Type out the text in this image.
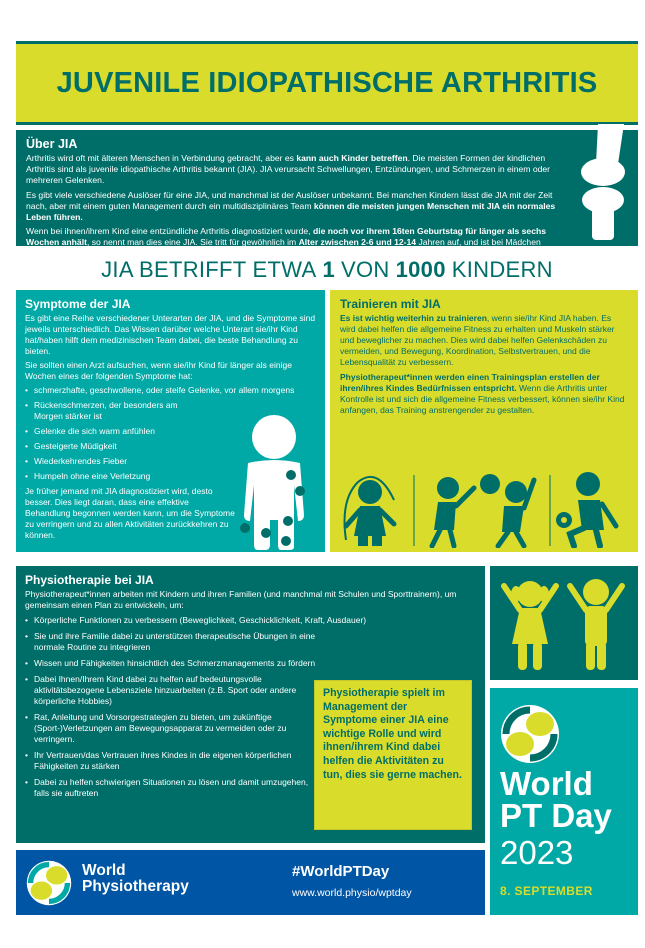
JUVENILE IDIOPATHISCHE ARTHRITIS
Über JIA

Arthritis wird oft mit älteren Menschen in Verbindung gebracht, aber es kann auch Kinder betreffen. Die meisten Formen der kindlichen Arthritis sind als juvenile idiopathische Arthritis bekannt (JIA). JIA verursacht Schwellungen, Entzündungen, und Schmerzen in einem oder mehreren Gelenken.

Es gibt viele verschiedene Auslöser für eine JIA, und manchmal ist der Auslöser unbekannt. Bei manchen Kindern lässt die JIA mit der Zeit nach, aber mit einem guten Management durch ein multidisziplinäres Team können die meisten jungen Menschen mit JIA ein normales Leben führen.

Wenn bei ihnen/ihrem Kind eine entzündliche Arthritis diagnostiziert wurde, die noch vor ihrem 16ten Geburtstag für länger als sechs Wochen anhält, so nennt man dies eine JIA. Sie tritt für gewöhnlich im Alter zwischen 2-6 und 12-14 Jahren auf, und ist bei Mädchen etwas häufiger.

JIA BETRIFFT ETWA 1 VON 1000 KINDERN
Symptome der JIA

Es gibt eine Reihe verschiedener Unterarten der JIA, und die Symptome sind jeweils unterschiedlich. Das Wissen darüber welche Unterart sie/ihr Kind hat/haben hilft dem medizinischen Team dabei, die beste Behandlung zu bieten.

Sie sollten einen Arzt aufsuchen, wenn sie/ihr Kind für länger als einige Wochen eines der folgenden Symptome hat:

• schmerzhafte, geschwollene, oder steife Gelenke, vor allem morgens
• Rückenschmerzen, der besonders am Morgen stärker ist
• Gelenke die sich warm anfühlen
• Gesteigerte Müdigkeit
• Wiederkehrendes Fieber
• Humpeln ohne eine Verletzung

Je früher jemand mit JIA diagnostiziert wird, desto besser. Dies liegt daran, dass eine effektive Behandlung begonnen werden kann, um die Symptome zu verringern und zu allen Aktivitäten zurückkehren zu können.

Trainieren mit JIA

Es ist wichtig weiterhin zu trainieren, wenn sie/ihr Kind JIA haben. Es wird dabei helfen die allgemeine Fitness zu erhalten und Muskeln stärker und beweglicher zu machen. Dies wird dabei helfen Gelenkschäden zu vermeiden, und Bewegung, Koordination, Selbstvertrauen, und die Lebensqualität zu verbessern.

Physiotherapeut*innen werden einen Trainingsplan erstellen der ihren/ihres Kindes Bedürfnissen entspricht. Wenn die Arthritis unter Kontrolle ist und sich die allgemeine Fitness verbessert, können sie/ihr Kind anfangen, das Training anstrengender zu gestalten.

Physiotherapie bei JIA

Physiotherapeut*innen arbeiten mit Kindern und ihren Familien (und manchmal mit Schulen und Sporttrainern), um gemeinsam einen Plan zu entwickeln, um:

• Körperliche Funktionen zu verbessern (Beweglichkeit, Geschicklichkeit, Kraft, Ausdauer)
• Sie und ihre Familie dabei zu unterstützen therapeutische Übungen in eine normale Routine zu integrieren
• Wissen und Fähigkeiten hinsichtlich des Schmerzmanagements zu fördern
• Dabei Ihnen/Ihrem Kind dabei zu helfen auf bedeutungsvolle aktivitätsbezogene Lebensziele hinzuarbeiten (z.B. Sport oder andere körperliche Hobbies)
• Rat, Anleitung und Vorsorgestrategien zu bieten, um zukünftige (Sport-)Verletzungen am Bewegungsapparat zu vermeiden oder zu verringern.
• Ihr Vertrauen/das Vertrauen ihres Kindes in die eigenen körperlichen Fähigkeiten zu stärken
• Dabei zu helfen schwierigen Situationen zu lösen und damit umzugehen, falls sie auftreten
Physiotherapie spielt im Management der Symptome einer JIA eine wichtige Rolle und wird ihnen/ihrem Kind dabei helfen die Aktivitäten zu tun, dies sie gerne machen.	World
PT Day
2023
8. SEPTEMBER
World
Physiotherapy
#WorldPTDay
www.world.physio/wptday
